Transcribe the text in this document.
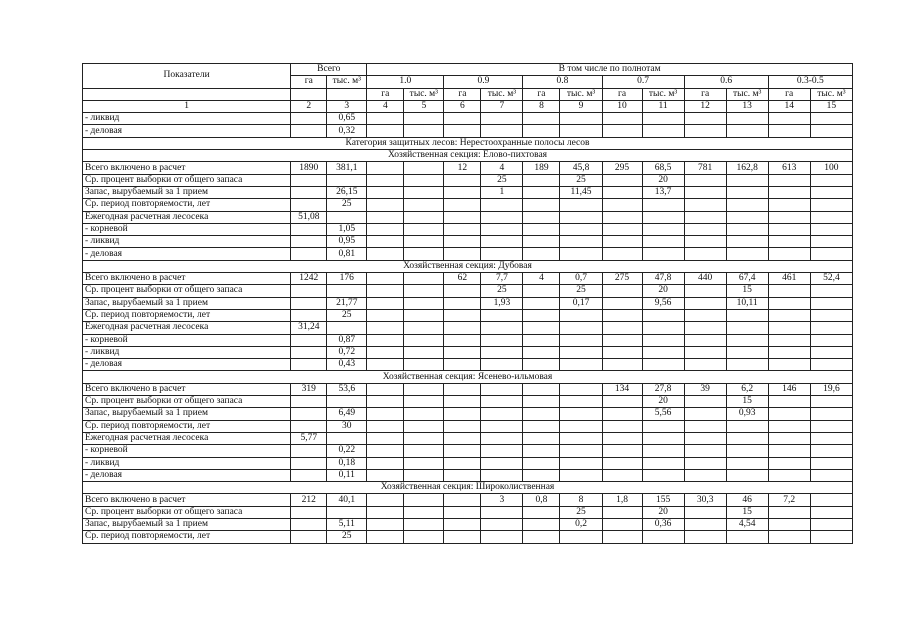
Показатели	Всего		В том числе по полнотам											
	га	тыс. м³	1.0		0.9		0.8		0.7		0.6		0.3-0.5	
			га	тыс. м³	га	тыс. м³	га	тыс. м³	га	тыс. м³	га	тыс. м³	га	тыс. м³
1	2	3	4	5	6	7	8	9	10	11	12	13	14	15
- ликвид		0,65												
- деловая		0,32												
Категория защитных лесов: Нерестоохранные полосы лесов														
Хозяйственная секция: Елово-пихтовая														
Всего включено в расчет	1890	381,1			12	4	189	45,8	295	68,5	781	162,8	613	100
Ср. процент выборки от общего запаса						25		25		20				
Запас, вырубаемый за 1 прием		26,15				1		11,45		13,7				
Ср. период повторяемости, лет		25												
Ежегодная расчетная лесосека	51,08													
- корневой		1,05												
- ликвид		0,95												
- деловая		0,81												
Хозяйственная секция: Дубовая														
Всего включено в расчет	1242	176			62	7,7	4	0,7	275	47,8	440	67,4	461	52,4
Ср. процент выборки от общего запаса						25		25		20		15		
Запас, вырубаемый за 1 прием		21,77				1,93		0,17		9,56		10,11		
Ср. период повторяемости, лет		25												
Ежегодная расчетная лесосека	31,24													
- корневой		0,87												
- ликвид		0,72												
- деловая		0,43												
Хозяйственная секция: Ясеневo-ильмовая														
Всего включено в расчет	319	53,6							134	27,8	39	6,2	146	19,6
Ср. процент выборки от общего запаса										20		15		
Запас, вырубаемый за 1 прием		6,49								5,56		0,93		
Ср. период повторяемости, лет		30												
Ежегодная расчетная лесосека	5,77													
- корневой		0,22												
- ликвид		0,18												
- деловая		0,11												
Хозяйственная секция: Широколиственная														
Всего включено в расчет	212	40,1				3	0,8	8	1,8	155	30,3	46	7,2	
Ср. процент выборки от общего запаса								25		20		15		
Запас, вырубаемый за 1 прием		5,11						0,2		0,36		4,54		
Ср. период повторяемости, лет		25												
